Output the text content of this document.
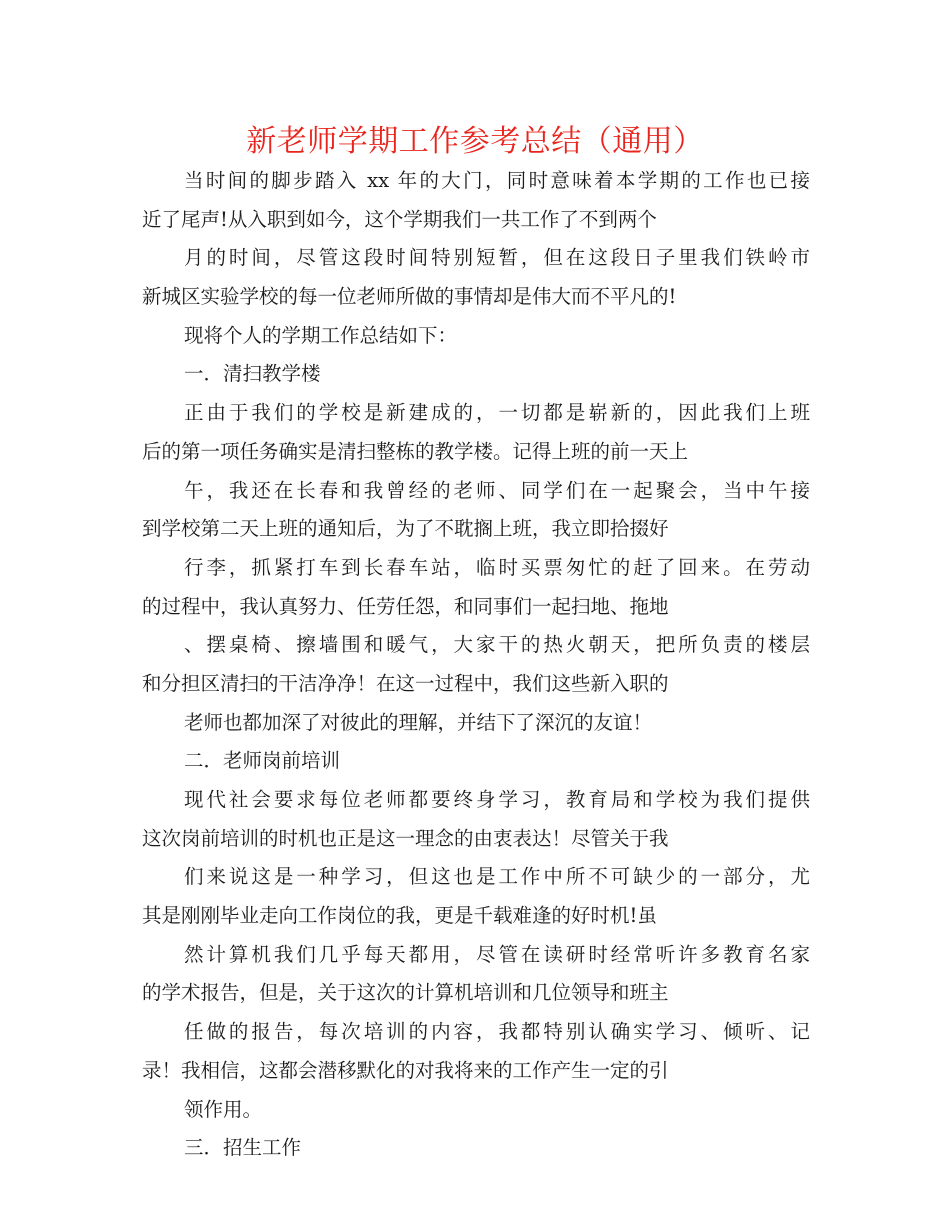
新老师学期工作参考总结（通用）

当时间的脚步踏入 xx 年的大门，同时意味着本学期的工作也已接

近了尾声!从入职到如今，这个学期我们一共工作了不到两个

月的时间，尽管这段时间特别短暂，但在这段日子里我们铁岭市

新城区实验学校的每一位老师所做的事情却是伟大而不平凡的!

现将个人的学期工作总结如下：

一．清扫教学楼

正由于我们的学校是新建成的，一切都是崭新的，因此我们上班

后的第一项任务确实是清扫整栋的教学楼。记得上班的前一天上

午，我还在长春和我曾经的老师、同学们在一起聚会，当中午接

到学校第二天上班的通知后，为了不耽搁上班，我立即拾掇好

行李，抓紧打车到长春车站，临时买票匆忙的赶了回来。在劳动

的过程中，我认真努力、任劳任怨，和同事们一起扫地、拖地

、摆桌椅、擦墙围和暖气，大家干的热火朝天，把所负责的楼层

和分担区清扫的干洁净净！在这一过程中，我们这些新入职的

老师也都加深了对彼此的理解，并结下了深沉的友谊！

二．老师岗前培训

现代社会要求每位老师都要终身学习，教育局和学校为我们提供

这次岗前培训的时机也正是这一理念的由衷表达！尽管关于我

们来说这是一种学习，但这也是工作中所不可缺少的一部分，尤

其是刚刚毕业走向工作岗位的我，更是千载难逢的好时机!虽

然计算机我们几乎每天都用，尽管在读研时经常听许多教育名家

的学术报告，但是，关于这次的计算机培训和几位领导和班主

任做的报告，每次培训的内容，我都特别认确实学习、倾听、记

录！我相信，这都会潜移默化的对我将来的工作产生一定的引

领作用。

三．招生工作
